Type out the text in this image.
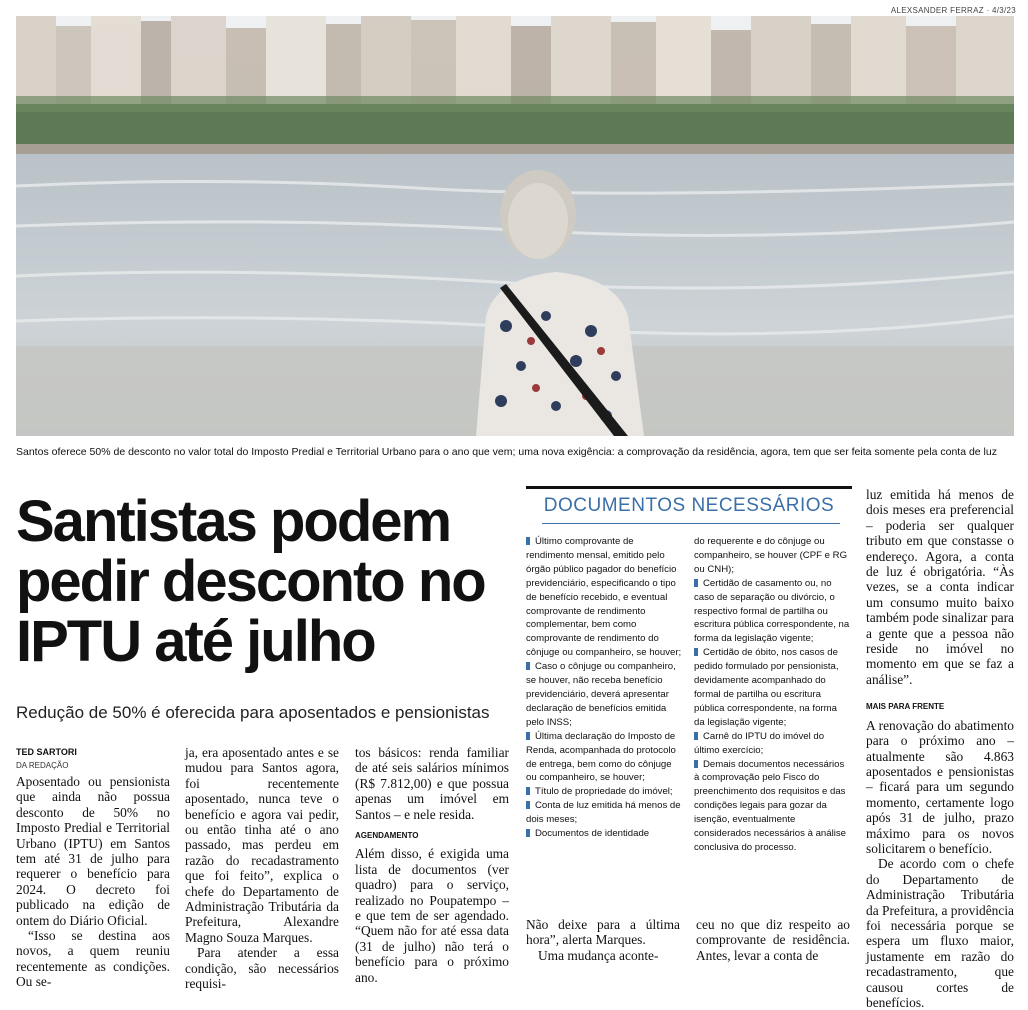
ALEXSANDER FERRAZ · 4/3/23
Santos oferece 50% de desconto no valor total do Imposto Predial e Territorial Urbano para o ano que vem; uma nova exigência: a comprovação da residência, agora, tem que ser feita somente pela conta de luz
Santistas podem
pedir desconto no
IPTU até julho
Redução de 50% é oferecida para aposentados e pensionistas
TED SARTORI
DA REDAÇÃO

Aposentado ou pensionista que ainda não possua desconto de 50% no Imposto Predial e Territorial Urbano (IPTU) em Santos tem até 31 de julho para requerer o benefício para 2024. O decreto foi publicado na edição de ontem do Diário Oficial.

“Isso se destina aos novos, a quem reuniu recentemente as condições. Ou se-

ja, era aposentado antes e se mudou para Santos agora, foi recentemente aposentado, nunca teve o benefício e agora vai pedir, ou então tinha até o ano passado, mas perdeu em razão do recadastramento que foi feito”, explica o chefe do Departamento de Administração Tributária da Prefeitura, Alexandre Magno Souza Marques.

Para atender a essa condição, são necessários requisi-

tos básicos: renda familiar de até seis salários mínimos (R$ 7.812,00) e que possua apenas um imóvel em Santos – e nele resida.

AGENDAMENTO

Além disso, é exigida uma lista de documentos (ver quadro) para o serviço, realizado no Poupatempo – e que tem de ser agendado. “Quem não for até essa data (31 de julho) não terá o benefício para o próximo ano.

DOCUMENTOS NECESSÁRIOS

Último comprovante de rendimento mensal, emitido pelo órgão público pagador do benefício previdenciário, especificando o tipo de benefício recebido, e eventual comprovante de rendimento complementar, bem como comprovante de rendimento do cônjuge ou companheiro, se houver;

Caso o cônjuge ou companheiro, se houver, não receba benefício previdenciário, deverá apresentar declaração de benefícios emitida pelo INSS;

Última declaração do Imposto de Renda, acompanhada do protocolo de entrega, bem como do cônjuge ou companheiro, se houver;

Título de propriedade do imóvel;

Conta de luz emitida há menos de dois meses;

Documentos de identidade

do requerente e do cônjuge ou companheiro, se houver (CPF e RG ou CNH);

Certidão de casamento ou, no caso de separação ou divórcio, o respectivo formal de partilha ou escritura pública correspondente, na forma da legislação vigente;

Certidão de óbito, nos casos de pedido formulado por pensionista, devidamente acompanhado do formal de partilha ou escritura pública correspondente, na forma da legislação vigente;

Carnê do IPTU do imóvel do último exercício;

Demais documentos necessários à comprovação pelo Fisco do preenchimento dos requisitos e das condições legais para gozar da isenção, eventualmente considerados necessários à análise conclusiva do processo.

Não deixe para a última hora”, alerta Marques.

Uma mudança aconte-

ceu no que diz respeito ao comprovante de residência. Antes, levar a conta de

luz emitida há menos de dois meses era preferencial – poderia ser qualquer tributo em que constasse o endereço. Agora, a conta de luz é obrigatória. “Às vezes, se a conta indicar um consumo muito baixo também pode sinalizar para a gente que a pessoa não reside no imóvel no momento em que se faz a análise”.

MAIS PARA FRENTE

A renovação do abatimento para o próximo ano – atualmente são 4.863 aposentados e pensionistas – ficará para um segundo momento, certamente logo após 31 de julho, prazo máximo para os novos solicitarem o benefício.

De acordo com o chefe do Departamento de Administração Tributária da Prefeitura, a providência foi necessária porque se espera um fluxo maior, justamente em razão do recadastramento, que causou cortes de benefícios.
